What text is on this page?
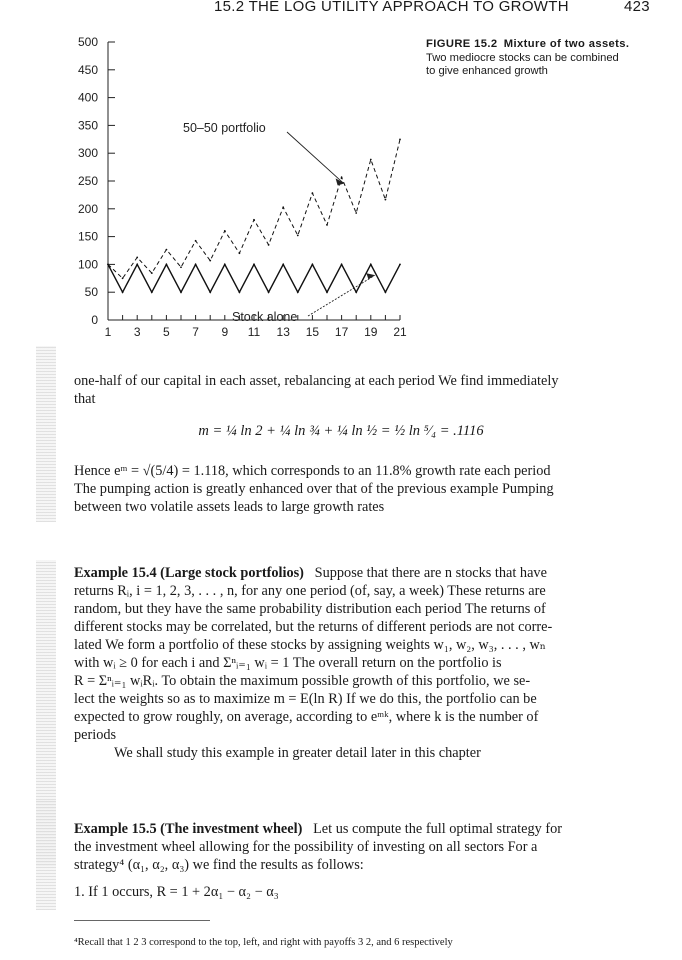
15.2 THE LOG UTILITY APPROACH TO GROWTH	423
0
50
100
150
200
250
300
350
400
450
500
1 3 5 7 9 11 13 15 17 19 21
50–50 portfolio
Stock alone
FIGURE 15.2 Mixture of two assets.
Two mediocre stocks can be combined
to give enhanced growth

one-half of our capital in each asset, rebalancing at each period We find immediately

that

m = ¼ ln 2 + ¼ ln ¾ + ¼ ln ½ = ½ ln ⁵⁄₄ = .1116

Hence eᵐ = √(5/4) = 1.118, which corresponds to an 11.8% growth rate each period

The pumping action is greatly enhanced over that of the previous example Pumping

between two volatile assets leads to large growth rates

Example 15.4 (Large stock portfolios) Suppose that there are n stocks that have

returns Rᵢ, i = 1, 2, 3, . . . , n, for any one period (of, say, a week) These returns are

random, but they have the same probability distribution each period The returns of

different stocks may be correlated, but the returns of different periods are not corre-

lated We form a portfolio of these stocks by assigning weights w₁, w₂, w₃, . . . , wₙ

with wᵢ ≥ 0 for each i and Σⁿᵢ₌₁ wᵢ = 1 The overall return on the portfolio is

R = Σⁿᵢ₌₁ wᵢRᵢ. To obtain the maximum possible growth of this portfolio, we se-

lect the weights so as to maximize m = E(ln R) If we do this, the portfolio can be

expected to grow roughly, on average, according to eᵐᵏ, where k is the number of

periods

We shall study this example in greater detail later in this chapter

Example 15.5 (The investment wheel) Let us compute the full optimal strategy for

the investment wheel allowing for the possibility of investing on all sectors For a

strategy⁴ (α₁, α₂, α₃) we find the results as follows:

1. If 1 occurs, R = 1 + 2α₁ − α₂ − α₃
⁴Recall that 1 2 3 correspond to the top, left, and right with payoffs 3 2, and 6 respectively
